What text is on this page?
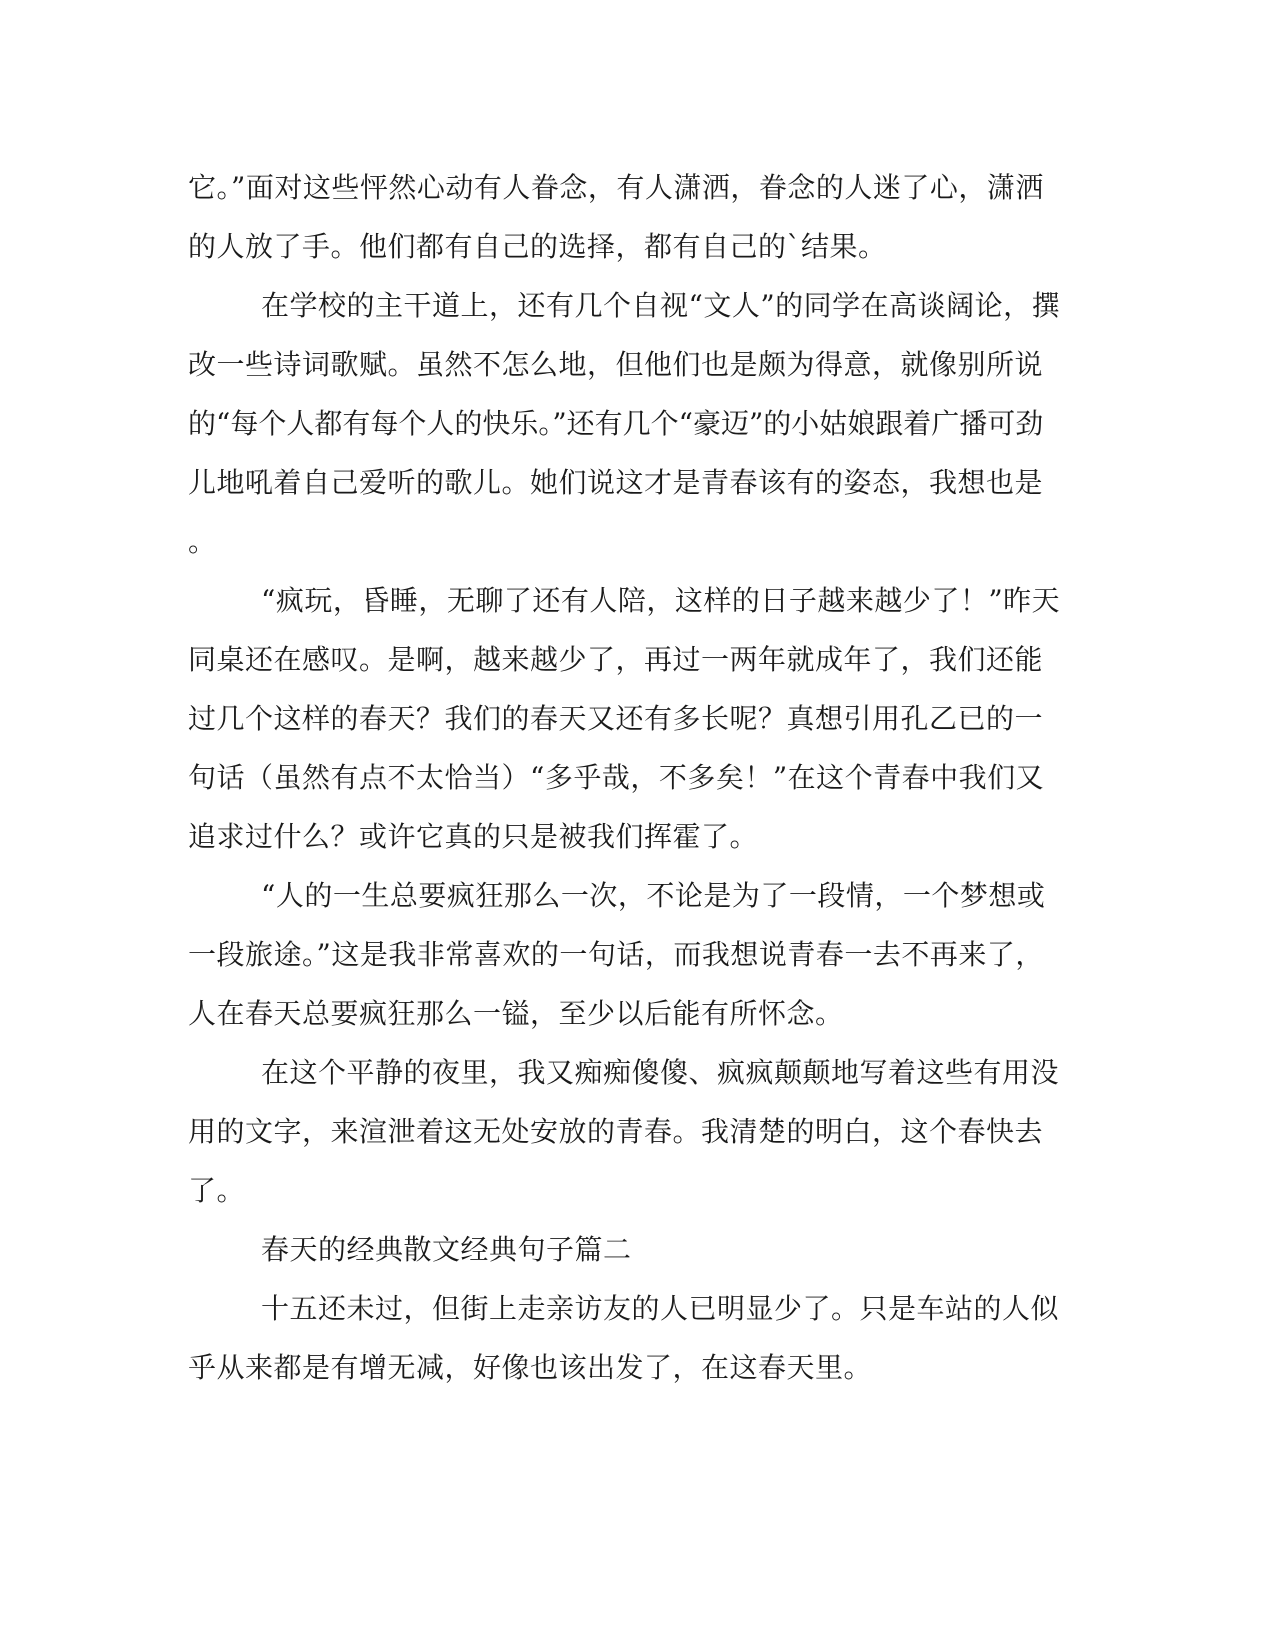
它。”面对这些怦然心动有人眷念，有人潇洒，眷念的人迷了心，潇洒
的人放了手。他们都有自己的选择，都有自己的`结果。
在学校的主干道上，还有几个自视“文人”的同学在高谈阔论，撰
改一些诗词歌赋。虽然不怎么地，但他们也是颇为得意，就像别所说
的“每个人都有每个人的快乐。”还有几个“豪迈”的小姑娘跟着广播可劲
儿地吼着自己爱听的歌儿。她们说这才是青春该有的姿态，我想也是
。
“疯玩，昏睡，无聊了还有人陪，这样的日子越来越少了！”昨天
同桌还在感叹。是啊，越来越少了，再过一两年就成年了，我们还能
过几个这样的春天？我们的春天又还有多长呢？真想引用孔乙已的一
句话（虽然有点不太恰当）“多乎哉，不多矣！”在这个青春中我们又
追求过什么？或许它真的只是被我们挥霍了。
“人的一生总要疯狂那么一次，不论是为了一段情，一个梦想或
一段旅途。”这是我非常喜欢的一句话，而我想说青春一去不再来了，
人在春天总要疯狂那么一镒，至少以后能有所怀念。
在这个平静的夜里，我又痴痴傻傻、疯疯颠颠地写着这些有用没
用的文字，来渲泄着这无处安放的青春。我清楚的明白，这个春快去
了。
春天的经典散文经典句子篇二
十五还未过，但街上走亲访友的人已明显少了。只是车站的人似
乎从来都是有增无减，好像也该出发了，在这春天里。
